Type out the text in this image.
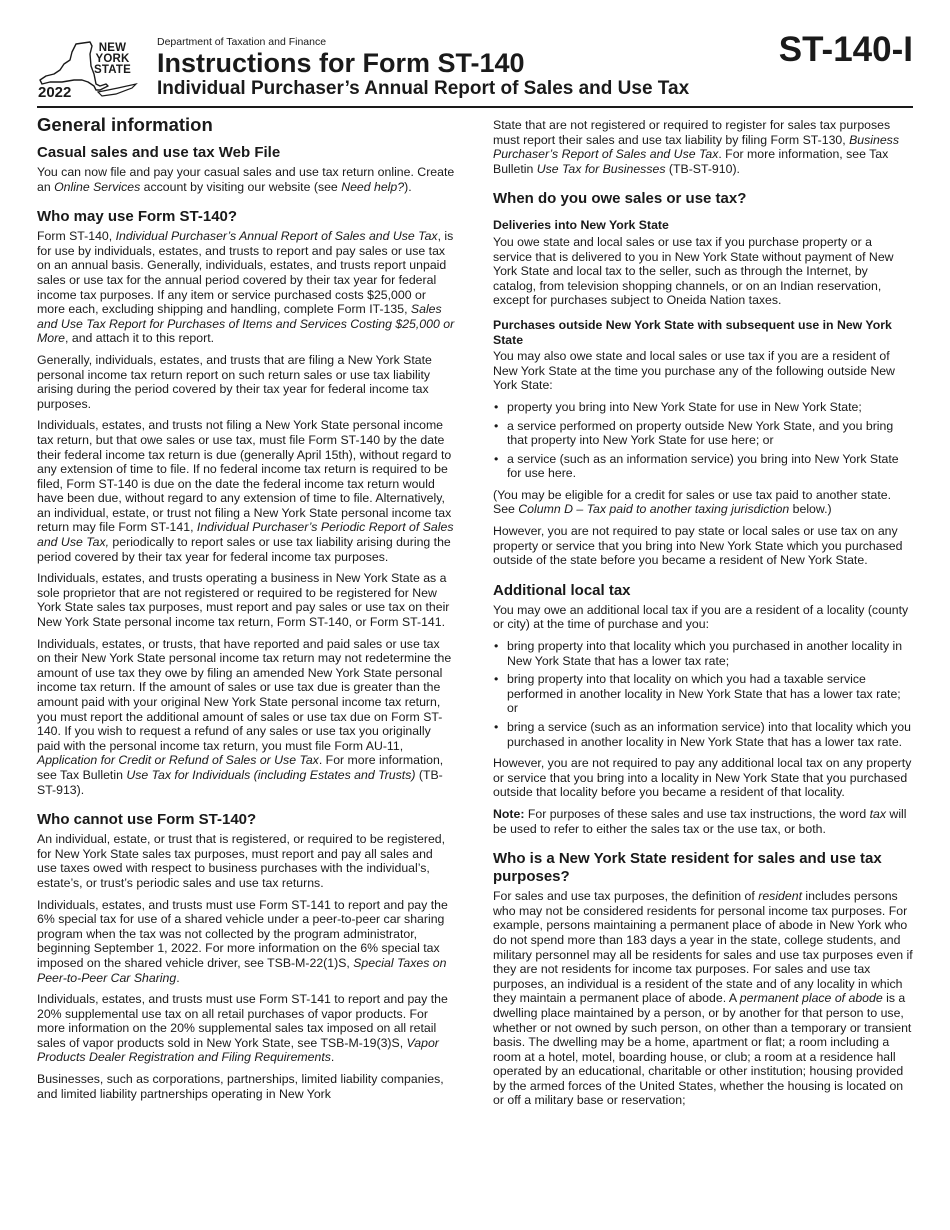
NEW
YORK
STATE
2022
Department of Taxation and Finance
Instructions for Form ST-140
Individual Purchaser’s Annual Report of Sales and Use Tax
ST-140-I
General information
Casual sales and use tax Web File

You can now file and pay your casual sales and use tax return online. Create an Online Services account by visiting our website (see Need help?).

Who may use Form ST-140?

Form ST-140, Individual Purchaser’s Annual Report of Sales and Use Tax, is for use by individuals, estates, and trusts to report and pay sales or use tax on an annual basis. Generally, individuals, estates, and trusts report unpaid sales or use tax for the annual period covered by their tax year for federal income tax purposes. If any item or service purchased costs $25,000 or more each, excluding shipping and handling, complete Form IT-135, Sales and Use Tax Report for Purchases of Items and Services Costing $25,000 or More, and attach it to this report.

Generally, individuals, estates, and trusts that are filing a New York State personal income tax return report on such return sales or use tax liability arising during the period covered by their tax year for federal income tax purposes.

Individuals, estates, and trusts not filing a New York State personal income tax return, but that owe sales or use tax, must file Form ST-140 by the date their federal income tax return is due (generally April 15th), without regard to any extension of time to file. If no federal income tax return is required to be filed, Form ST-140 is due on the date the federal income tax return would have been due, without regard to any extension of time to file. Alternatively, an individual, estate, or trust not filing a New York State personal income tax return may file Form ST-141, Individual Purchaser’s Periodic Report of Sales and Use Tax, periodically to report sales or use tax liability arising during the period covered by their tax year for federal income tax purposes.

Individuals, estates, and trusts operating a business in New York State as a sole proprietor that are not registered or required to be registered for New York State sales tax purposes, must report and pay sales or use tax on their New York State personal income tax return, Form ST-140, or Form ST-141.

Individuals, estates, or trusts, that have reported and paid sales or use tax on their New York State personal income tax return may not redetermine the amount of use tax they owe by filing an amended New York State personal income tax return. If the amount of sales or use tax due is greater than the amount paid with your original New York State personal income tax return, you must report the additional amount of sales or use tax due on Form ST-140. If you wish to request a refund of any sales or use tax you originally paid with the personal income tax return, you must file Form AU-11, Application for Credit or Refund of Sales or Use Tax. For more information, see Tax Bulletin Use Tax for Individuals (including Estates and Trusts) (TB-ST-913).

Who cannot use Form ST-140?

An individual, estate, or trust that is registered, or required to be registered, for New York State sales tax purposes, must report and pay all sales and use taxes owed with respect to business purchases with the individual’s, estate’s, or trust’s periodic sales and use tax returns.

Individuals, estates, and trusts must use Form ST-141 to report and pay the 6% special tax for use of a shared vehicle under a peer-to-peer car sharing program when the tax was not collected by the program administrator, beginning September 1, 2022. For more information on the 6% special tax imposed on the shared vehicle driver, see TSB-M-22(1)S, Special Taxes on Peer-to-Peer Car Sharing.

Individuals, estates, and trusts must use Form ST-141 to report and pay the 20% supplemental use tax on all retail purchases of vapor products. For more information on the 20% supplemental sales tax imposed on all retail sales of vapor products sold in New York State, see TSB-M-19(3)S, Vapor Products Dealer Registration and Filing Requirements.

Businesses, such as corporations, partnerships, limited liability companies, and limited liability partnerships operating in New York

State that are not registered or required to register for sales tax purposes must report their sales and use tax liability by filing Form ST-130, Business Purchaser’s Report of Sales and Use Tax. For more information, see Tax Bulletin Use Tax for Businesses (TB-ST-910).

When do you owe sales or use tax?
Deliveries into New York State

You owe state and local sales or use tax if you purchase property or a service that is delivered to you in New York State without payment of New York State and local tax to the seller, such as through the Internet, by catalog, from television shopping channels, or on an Indian reservation, except for purchases subject to Oneida Nation taxes.

Purchases outside New York State with subsequent use in New York State

You may also owe state and local sales or use tax if you are a resident of New York State at the time you purchase any of the following outside New York State:

• property you bring into New York State for use in New York State;
• a service performed on property outside New York State, and you bring that property into New York State for use here; or
• a service (such as an information service) you bring into New York State for use here.

(You may be eligible for a credit for sales or use tax paid to another state. See Column D – Tax paid to another taxing jurisdiction below.)

However, you are not required to pay state or local sales or use tax on any property or service that you bring into New York State which you purchased outside of the state before you became a resident of New York State.

Additional local tax

You may owe an additional local tax if you are a resident of a locality (county or city) at the time of purchase and you:

• bring property into that locality which you purchased in another locality in New York State that has a lower tax rate;
• bring property into that locality on which you had a taxable service performed in another locality in New York State that has a lower tax rate; or
• bring a service (such as an information service) into that locality which you purchased in another locality in New York State that has a lower tax rate.

However, you are not required to pay any additional local tax on any property or service that you bring into a locality in New York State that you purchased outside that locality before you became a resident of that locality.

Note: For purposes of these sales and use tax instructions, the word tax will be used to refer to either the sales tax or the use tax, or both.

Who is a New York State resident for sales and use tax purposes?

For sales and use tax purposes, the definition of resident includes persons who may not be considered residents for personal income tax purposes. For example, persons maintaining a permanent place of abode in New York who do not spend more than 183 days a year in the state, college students, and military personnel may all be residents for sales and use tax purposes even if they are not residents for income tax purposes. For sales and use tax purposes, an individual is a resident of the state and of any locality in which they maintain a permanent place of abode. A permanent place of abode is a dwelling place maintained by a person, or by another for that person to use, whether or not owned by such person, on other than a temporary or transient basis. The dwelling may be a home, apartment or flat; a room including a room at a hotel, motel, boarding house, or club; a room at a residence hall operated by an educational, charitable or other institution; housing provided by the armed forces of the United States, whether the housing is located on or off a military base or reservation;
